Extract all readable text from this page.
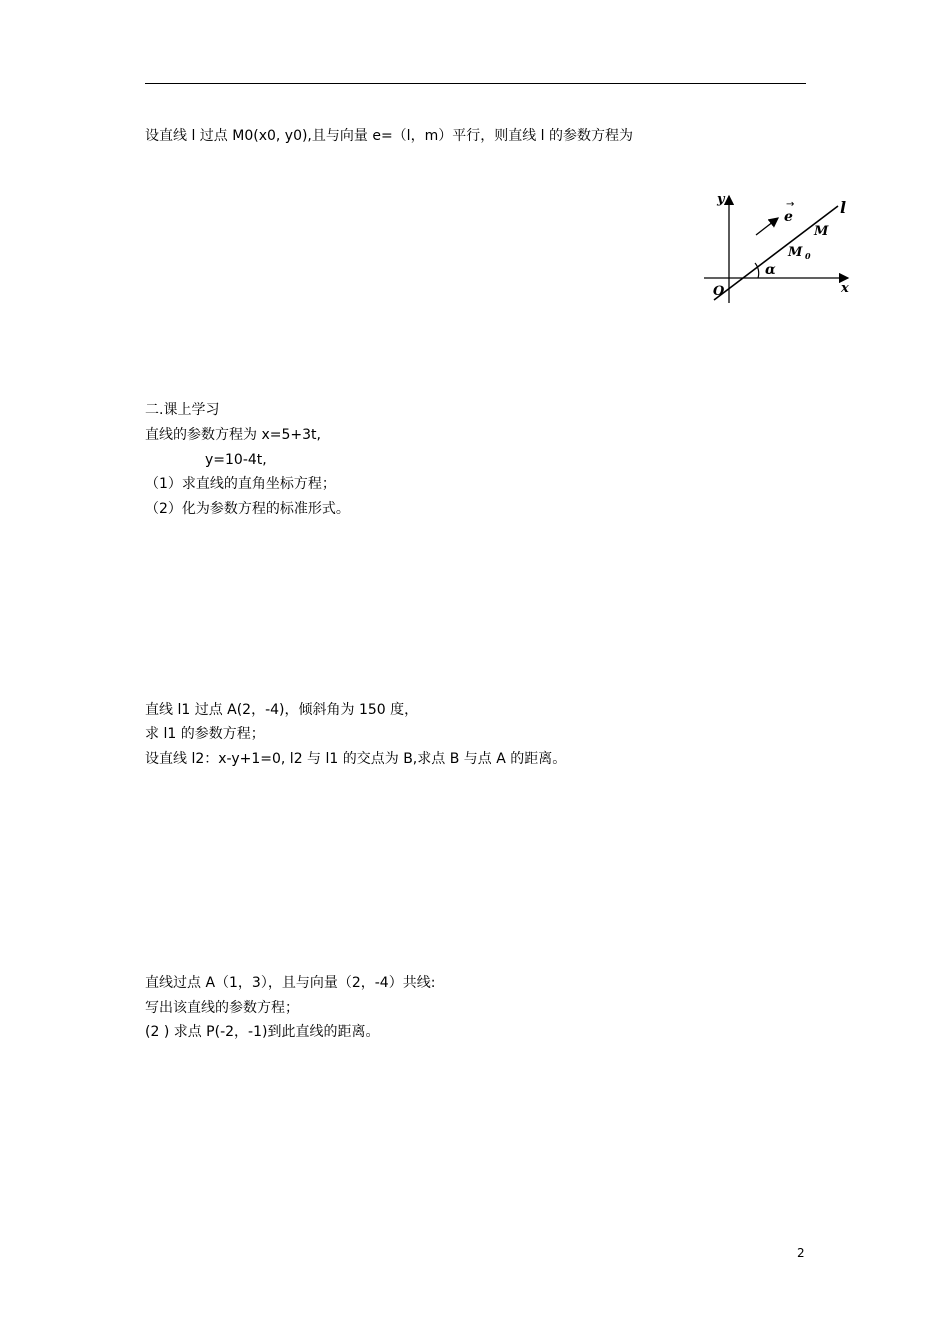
设直线 l 过点 M0(x0, y0),且与向量 e=（l，m）平行，则直线 l 的参数方程为
y
x
O
l
e
→
M
M 0
α
二.课上学习
直线的参数方程为 x=5+3t,
y=10-4t,
（1）求直线的直角坐标方程；
（2）化为参数方程的标准形式。
直线 l1 过点 A(2，-4)，倾斜角为 150 度，
求 l1 的参数方程；
设直线 l2：x-y+1=0, l2 与 l1 的交点为 B,求点 B 与点 A 的距离。
直线过点 A（1，3），且与向量（2，-4）共线:
写出该直线的参数方程；
(2 ) 求点 P(-2，-1)到此直线的距离。
2
